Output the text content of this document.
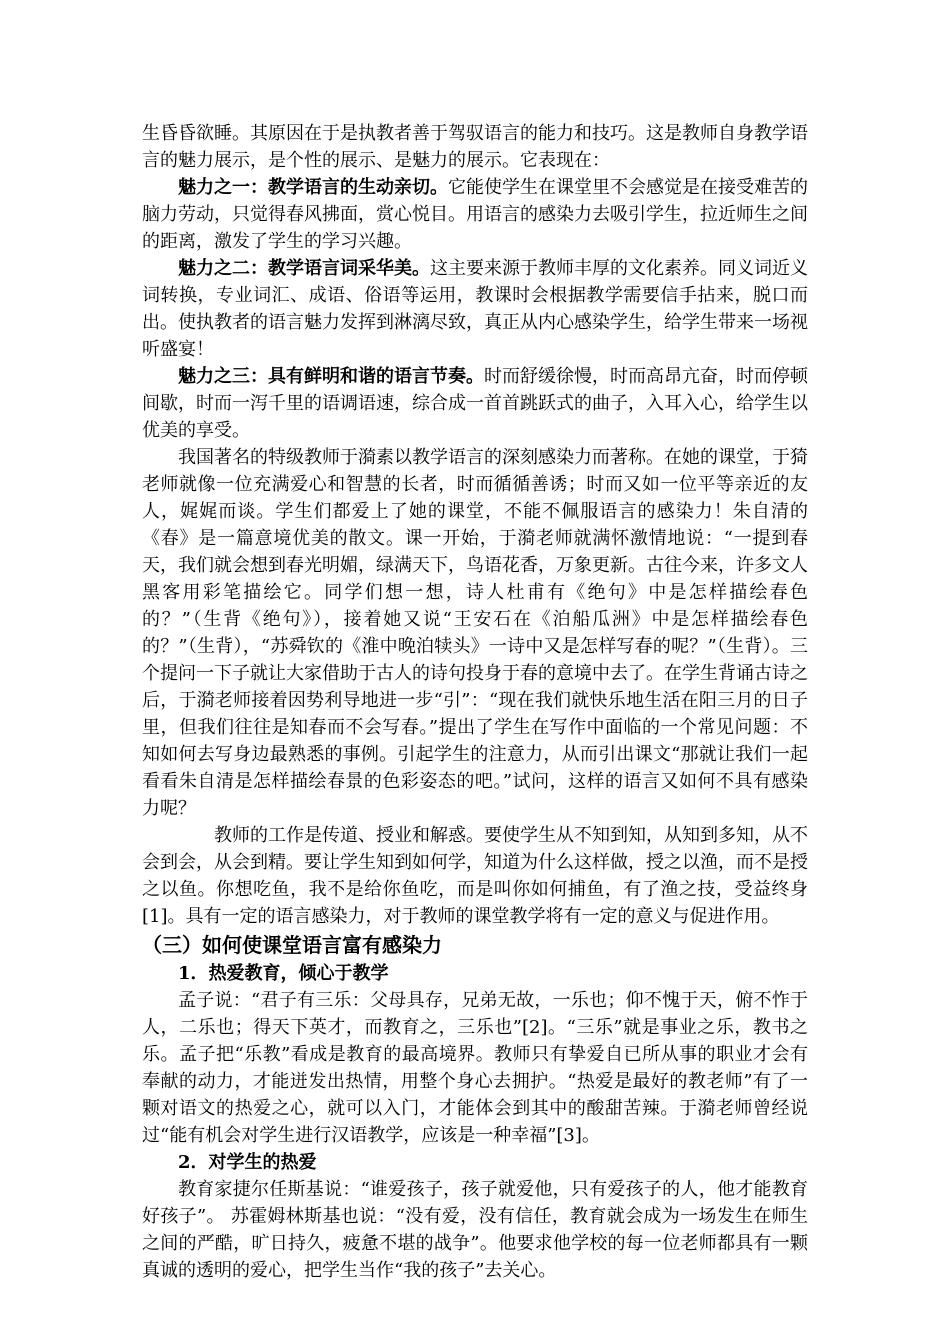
生昏昏欲睡。其原因在于是执教者善于驾驭语言的能力和技巧。这是教师自身教学语言的魅力展示，是个性的展示、是魅力的展示。它表现在：

魅力之一：教学语言的生动亲切。它能使学生在课堂里不会感觉是在接受难苦的脑力劳动，只觉得春风拂面，赏心悦目。用语言的感染力去吸引学生，拉近师生之间的距离，激发了学生的学习兴趣。

魅力之二：教学语言词采华美。这主要来源于教师丰厚的文化素养。同义词近义词转换，专业词汇、成语、俗语等运用，教课时会根据教学需要信手拈来，脱口而出。使执教者的语言魅力发挥到淋漓尽致，真正从内心感染学生，给学生带来一场视听盛宴！

魅力之三：具有鲜明和谐的语言节奏。时而舒缓徐慢，时而高昂亢奋，时而停顿间歇，时而一泻千里的语调语速，综合成一首首跳跃式的曲子，入耳入心，给学生以优美的享受。

我国著名的特级教师于漪素以教学语言的深刻感染力而著称。在她的课堂，于猗老师就像一位充满爱心和智慧的长者，时而循循善诱；时而又如一位平等亲近的友人，娓娓而谈。学生们都爱上了她的课堂，不能不佩服语言的感染力！朱自清的《春》是一篇意境优美的散文。课一开始，于漪老师就满怀激情地说：“一提到春天，我们就会想到春光明媚，绿满天下，鸟语花香，万象更新。古往今来，许多文人黑客用彩笔描绘它。同学们想一想，诗人杜甫有《绝句》中是怎样描绘春色的？”（生背《绝句》），接着她又说“王安石在《泊船瓜洲》中是怎样描绘春色的？”（生背），“苏舜钦的《淮中晚泊犊头》一诗中又是怎样写春的呢？”（生背）。三个提问一下子就让大家借助于古人的诗句投身于春的意境中去了。在学生背诵古诗之后，于漪老师接着因势利导地进一步“引”：“现在我们就快乐地生活在阳三月的日子里，但我们往往是知春而不会写春。”提出了学生在写作中面临的一个常见问题：不知如何去写身边最熟悉的事例。引起学生的注意力，从而引出课文“那就让我们一起看看朱自清是怎样描绘春景的色彩姿态的吧。”试问，这样的语言又如何不具有感染力呢？

教师的工作是传道、授业和解惑。要使学生从不知到知，从知到多知，从不会到会，从会到精。要让学生知到如何学，知道为什么这样做，授之以渔，而不是授之以鱼。你想吃鱼，我不是给你鱼吃，而是叫你如何捕鱼，有了渔之技，受益终身[1]。具有一定的语言感染力，对于教师的课堂教学将有一定的意义与促进作用。

（三）如何使课堂语言富有感染力

1．热爱教育，倾心于教学

孟子说：“君子有三乐：父母具存，兄弟无故，一乐也；仰不愧于天，俯不怍于人，二乐也；得天下英才，而教育之，三乐也”[2]。“三乐”就是事业之乐，教书之乐。孟子把“乐教”看成是教育的最高境界。教师只有挚爱自已所从事的职业才会有奉献的动力，才能迸发出热情，用整个身心去拥护。“热爱是最好的教老师”有了一颗对语文的热爱之心，就可以入门，才能体会到其中的酸甜苦辣。于漪老师曾经说过“能有机会对学生进行汉语教学，应该是一种幸福”[3]。

2．对学生的热爱

教育家捷尔任斯基说：“谁爱孩子，孩子就爱他，只有爱孩子的人，他才能教育好孩子”。 苏霍姆林斯基也说：“没有爱，没有信任，教育就会成为一场发生在师生之间的严酷，旷日持久，疲惫不堪的战争”。他要求他学校的每一位老师都具有一颗真诚的透明的爱心，把学生当作“我的孩子”去关心。
